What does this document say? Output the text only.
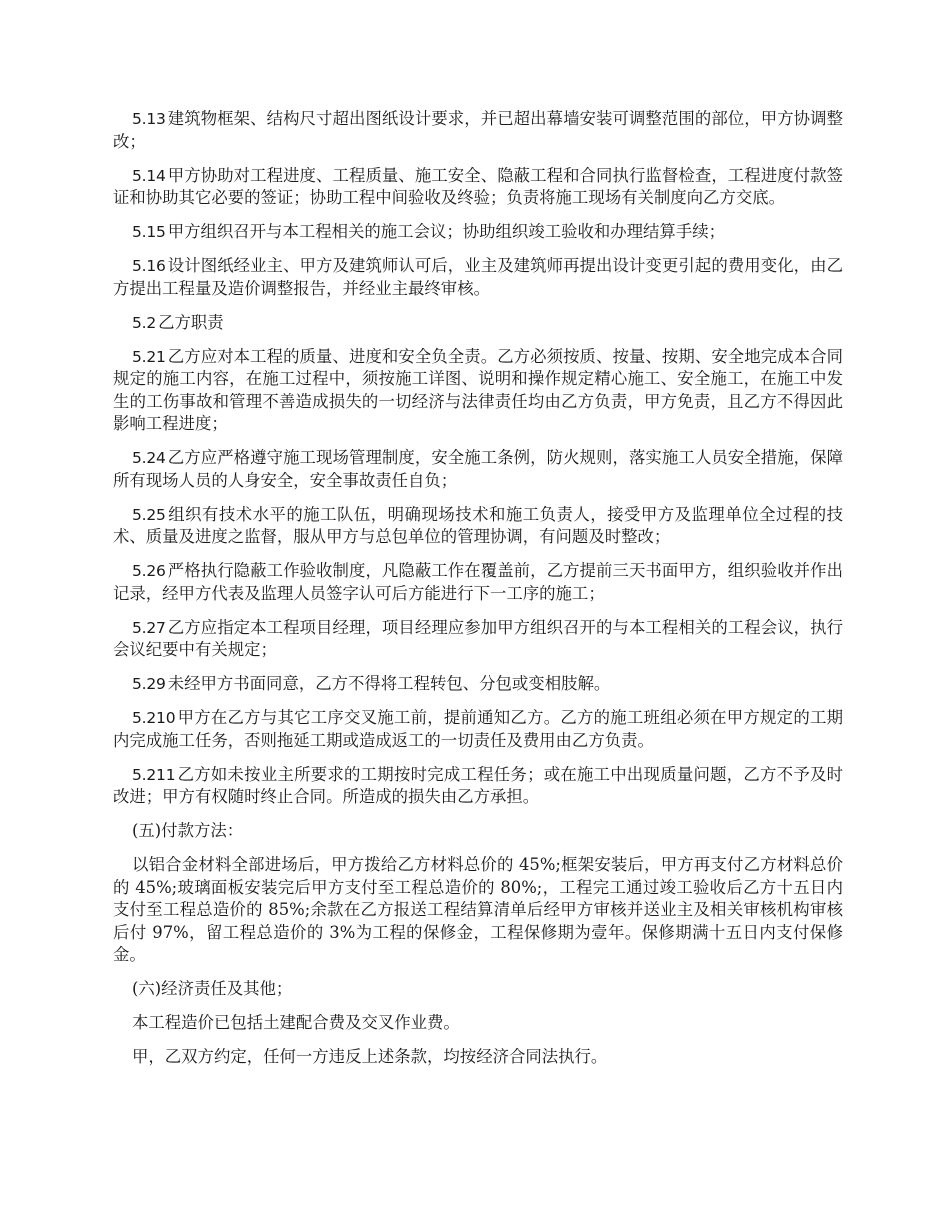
5.13 建筑物框架、结构尺寸超出图纸设计要求，并已超出幕墙安装可调整范围的部位，甲方协调整改；

5.14 甲方协助对工程进度、工程质量、施工安全、隐蔽工程和合同执行监督检查，工程进度付款签证和协助其它必要的签证；协助工程中间验收及终验；负责将施工现场有关制度向乙方交底。

5.15 甲方组织召开与本工程相关的施工会议；协助组织竣工验收和办理结算手续；

5.16 设计图纸经业主、甲方及建筑师认可后，业主及建筑师再提出设计变更引起的费用变化，由乙方提出工程量及造价调整报告，并经业主最终审核。

5.2 乙方职责

5.21 乙方应对本工程的质量、进度和安全负全责。乙方必须按质、按量、按期、安全地完成本合同规定的施工内容，在施工过程中，须按施工详图、说明和操作规定精心施工、安全施工，在施工中发生的工伤事故和管理不善造成损失的一切经济与法律责任均由乙方负责，甲方免责，且乙方不得因此影响工程进度；

5.24 乙方应严格遵守施工现场管理制度，安全施工条例，防火规则，落实施工人员安全措施，保障所有现场人员的人身安全，安全事故责任自负；

5.25 组织有技术水平的施工队伍，明确现场技术和施工负责人，接受甲方及监理单位全过程的技术、质量及进度之监督，服从甲方与总包单位的管理协调，有问题及时整改；

5.26 严格执行隐蔽工作验收制度，凡隐蔽工作在覆盖前，乙方提前三天书面甲方，组织验收并作出记录，经甲方代表及监理人员签字认可后方能进行下一工序的施工；

5.27 乙方应指定本工程项目经理，项目经理应参加甲方组织召开的与本工程相关的工程会议，执行会议纪要中有关规定；

5.29 未经甲方书面同意，乙方不得将工程转包、分包或变相肢解。

5.210 甲方在乙方与其它工序交叉施工前，提前通知乙方。乙方的施工班组必须在甲方规定的工期内完成施工任务，否则拖延工期或造成返工的一切责任及费用由乙方负责。

5.211 乙方如未按业主所要求的工期按时完成工程任务；或在施工中出现质量问题，乙方不予及时改进；甲方有权随时终止合同。所造成的损失由乙方承担。

(五)付款方法：

以铝合金材料全部进场后，甲方拨给乙方材料总价的 45%;框架安装后，甲方再支付乙方材料总价的 45%;玻璃面板安装完后甲方支付至工程总造价的 80%;，工程完工通过竣工验收后乙方十五日内支付至工程总造价的 85%;余款在乙方报送工程结算清单后经甲方审核并送业主及相关审核机构审核后付 97%，留工程总造价的 3%为工程的保修金，工程保修期为壹年。保修期满十五日内支付保修金。

(六)经济责任及其他；

本工程造价已包括土建配合费及交叉作业费。

甲，乙双方约定，任何一方违反上述条款，均按经济合同法执行。
